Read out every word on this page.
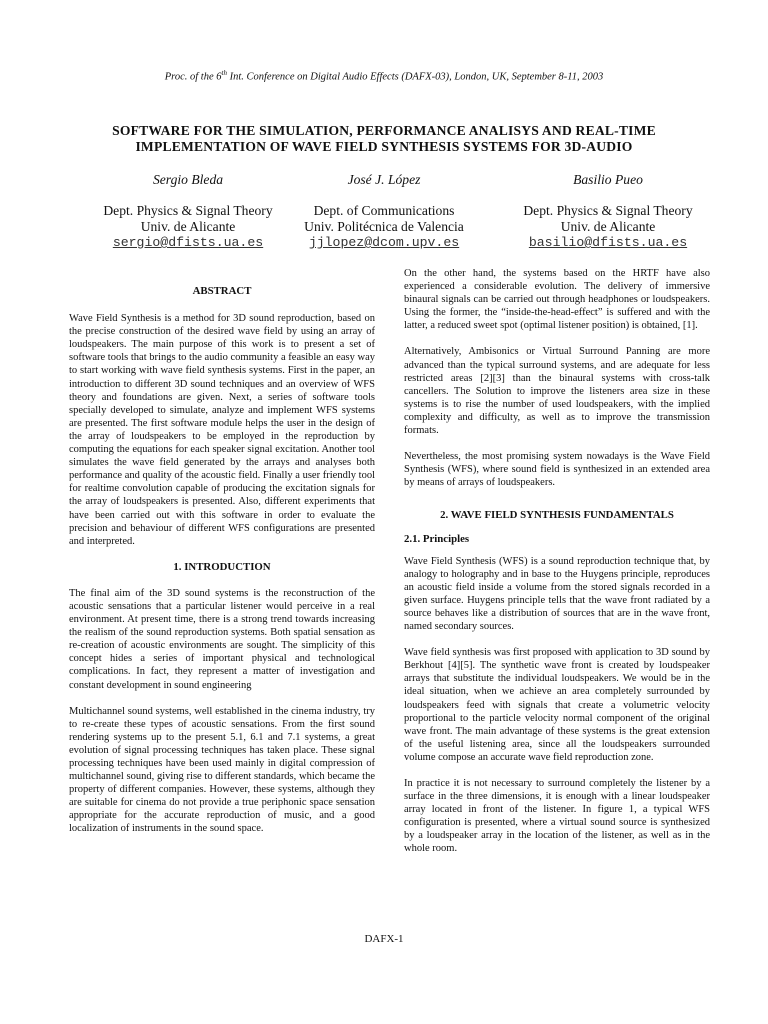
Proc. of the 6th Int. Conference on Digital Audio Effects (DAFX-03), London, UK, September 8-11, 2003
SOFTWARE FOR THE SIMULATION, PERFORMANCE ANALISYS AND REAL-TIME
IMPLEMENTATION OF WAVE FIELD SYNTHESIS SYSTEMS FOR 3D-AUDIO
Sergio Bleda	José J. López	Basilio Pueo
Dept. Physics & Signal Theory
Univ. de Alicante
sergio@dfists.ua.es
Dept. of Communications
Univ. Politécnica de Valencia
jjlopez@dcom.upv.es
Dept. Physics & Signal Theory
Univ. de Alicante
basilio@dfists.ua.es
ABSTRACT

Wave Field Synthesis is a method for 3D sound reproduction, based on the precise construction of the desired wave field by using an array of loudspeakers. The main purpose of this work is to present a set of software tools that brings to the audio community a feasible an easy way to start working with wave field synthesis systems. First in the paper, an introduction to different 3D sound techniques and an overview of WFS theory and foundations are given. Next, a series of software tools specially developed to simulate, analyze and implement WFS systems are presented. The first software module helps the user in the design of the array of loudspeakers to be employed in the reproduction by computing the equations for each speaker signal excitation. Another tool simulates the wave field generated by the arrays and analyses both performance and quality of the acoustic field. Finally a user friendly tool for realtime convolution capable of producing the excitation signals for the array of loudspeakers is presented. Also, different experiments that have been carried out with this software in order to evaluate the precision and behaviour of different WFS configurations are presented and interpreted.

1. INTRODUCTION

The final aim of the 3D sound systems is the reconstruction of the acoustic sensations that a particular listener would perceive in a real environment. At present time, there is a strong trend towards increasing the realism of the sound reproduction systems. Both spatial sensation as re-creation of acoustic environments are sought. The simplicity of this concept hides a series of important physical and technological complications. In fact, they represent a matter of investigation and constant development in sound engineering

Multichannel sound systems, well established in the cinema industry, try to re-create these types of acoustic sensations. From the first sound rendering systems up to the present 5.1, 6.1 and 7.1 systems, a great evolution of signal processing techniques has taken place. These signal processing techniques have been used mainly in digital compression of multichannel sound, giving rise to different standards, which became the property of different companies. However, these systems, although they are suitable for cinema do not provide a true periphonic space sensation appropriate for the accurate reproduction of music, and a good localization of instruments in the sound space.

On the other hand, the systems based on the HRTF have also experienced a considerable evolution. The delivery of immersive binaural signals can be carried out through headphones or loudspeakers. Using the former, the “inside-the-head-effect” is suffered and with the latter, a reduced sweet spot (optimal listener position) is obtained, [1].

Alternatively, Ambisonics or Virtual Surround Panning are more advanced than the typical surround systems, and are adequate for less restricted areas [2][3] than the binaural systems with cross-talk cancellers. The Solution to improve the listeners area size in these systems is to rise the number of used loudspeakers, with the implied complexity and difficulty, as well as to improve the transmission formats.

Nevertheless, the most promising system nowadays is the Wave Field Synthesis (WFS), where sound field is synthesized in an extended area by means of arrays of loudspeakers.

2. WAVE FIELD SYNTHESIS FUNDAMENTALS
2.1. Principles

Wave Field Synthesis (WFS) is a sound reproduction technique that, by analogy to holography and in base to the Huygens principle, reproduces an acoustic field inside a volume from the stored signals recorded in a given surface. Huygens principle tells that the wave front radiated by a source behaves like a distribution of sources that are in the wave front, named secondary sources.

Wave field synthesis was first proposed with application to 3D sound by Berkhout [4][5]. The synthetic wave front is created by loudspeaker arrays that substitute the individual loudspeakers. We would be in the ideal situation, when we achieve an area completely surrounded by loudspeakers feed with signals that create a volumetric velocity proportional to the particle velocity normal component of the original wave front. The main advantage of these systems is the great extension of the useful listening area, since all the loudspeakers surrounded volume compose an accurate wave field reproduction zone.

In practice it is not necessary to surround completely the listener by a surface in the three dimensions, it is enough with a linear loudspeaker array located in front of the listener. In figure 1, a typical WFS configuration is presented, where a virtual sound source is synthesized by a loudspeaker array in the location of the listener, as well as in the whole room.

DAFX-1
